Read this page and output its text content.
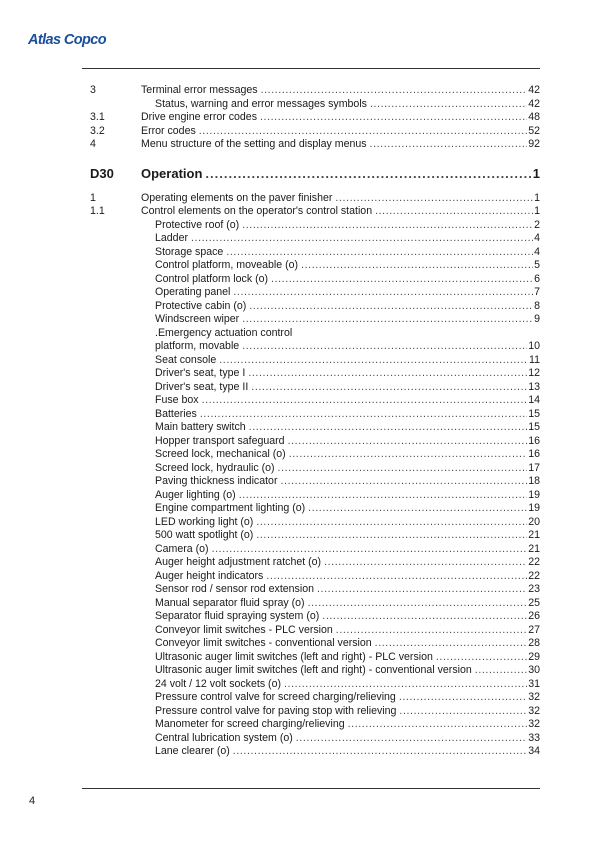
Atlas Copco
3	Terminal error messages .....	42
Status, warning and error messages symbols .....	42
3.1	Drive engine error codes .....	48
3.2	Error codes .....	52
4	Menu structure of the setting and display menus .....	92
D30 Operation .....	1
1	Operating elements on the paver finisher .....	1
1.1	Control elements on the operator's control station .....	1
Protective roof (o) .....	2
Ladder .....	4
Storage space .....	4
Control platform, moveable (o) .....	5
Control platform lock (o) .....	6
Operating panel .....	7
Protective cabin (o) .....	8
Windscreen wiper .....	9
.Emergency actuation control
platform, movable .....	10
Seat console .....	11
Driver's seat, type I .....	12
Driver's seat, type II .....	13
Fuse box .....	14
Batteries .....	15
Main battery switch .....	15
Hopper transport safeguard .....	16
Screed lock, mechanical (o) .....	16
Screed lock, hydraulic (o) .....	17
Paving thickness indicator .....	18
Auger lighting (o) .....	19
Engine compartment lighting (o) .....	19
LED working light (o) .....	20
500 watt spotlight (o) .....	21
Camera (o) .....	21
Auger height adjustment ratchet (o) .....	22
Auger height indicators .....	22
Sensor rod / sensor rod extension .....	23
Manual separator fluid spray (o) .....	25
Separator fluid spraying system (o) .....	26
Conveyor limit switches - PLC version .....	27
Conveyor limit switches - conventional version .....	28
Ultrasonic auger limit switches (left and right) - PLC version .....	29
Ultrasonic auger limit switches (left and right) - conventional version .....	30
24 volt / 12 volt sockets (o) .....	31
Pressure control valve for screed charging/relieving .....	32
Pressure control valve for paving stop with relieving .....	32
Manometer for screed charging/relieving .....	32
Central lubrication system (o) .....	33
Lane clearer (o) .....	34
4
